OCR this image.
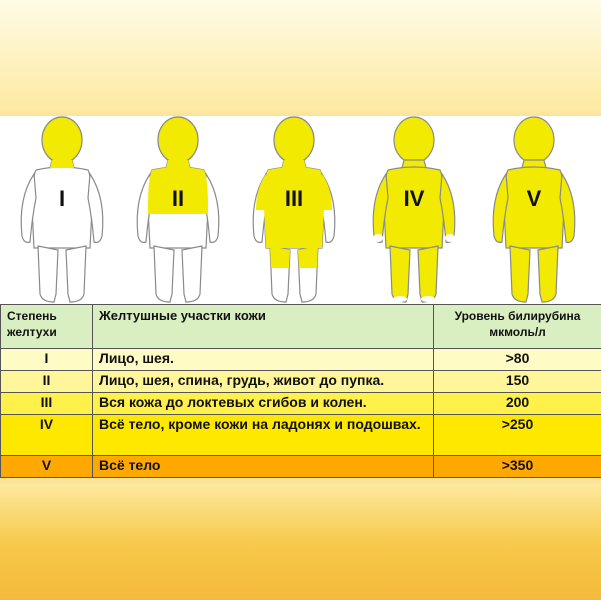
I	II	III	IV	V
Степень желтухи	Желтушные участки кожи	Уровень билирубина мкмоль/л
I	Лицо, шея.	>80
II	Лицо, шея, спина, грудь, живот до пупка.	150
III	Вся кожа до локтевых сгибов и колен.	200
IV	Всё тело, кроме кожи на ладонях и подошвах.	>250
V	Всё тело	>350
